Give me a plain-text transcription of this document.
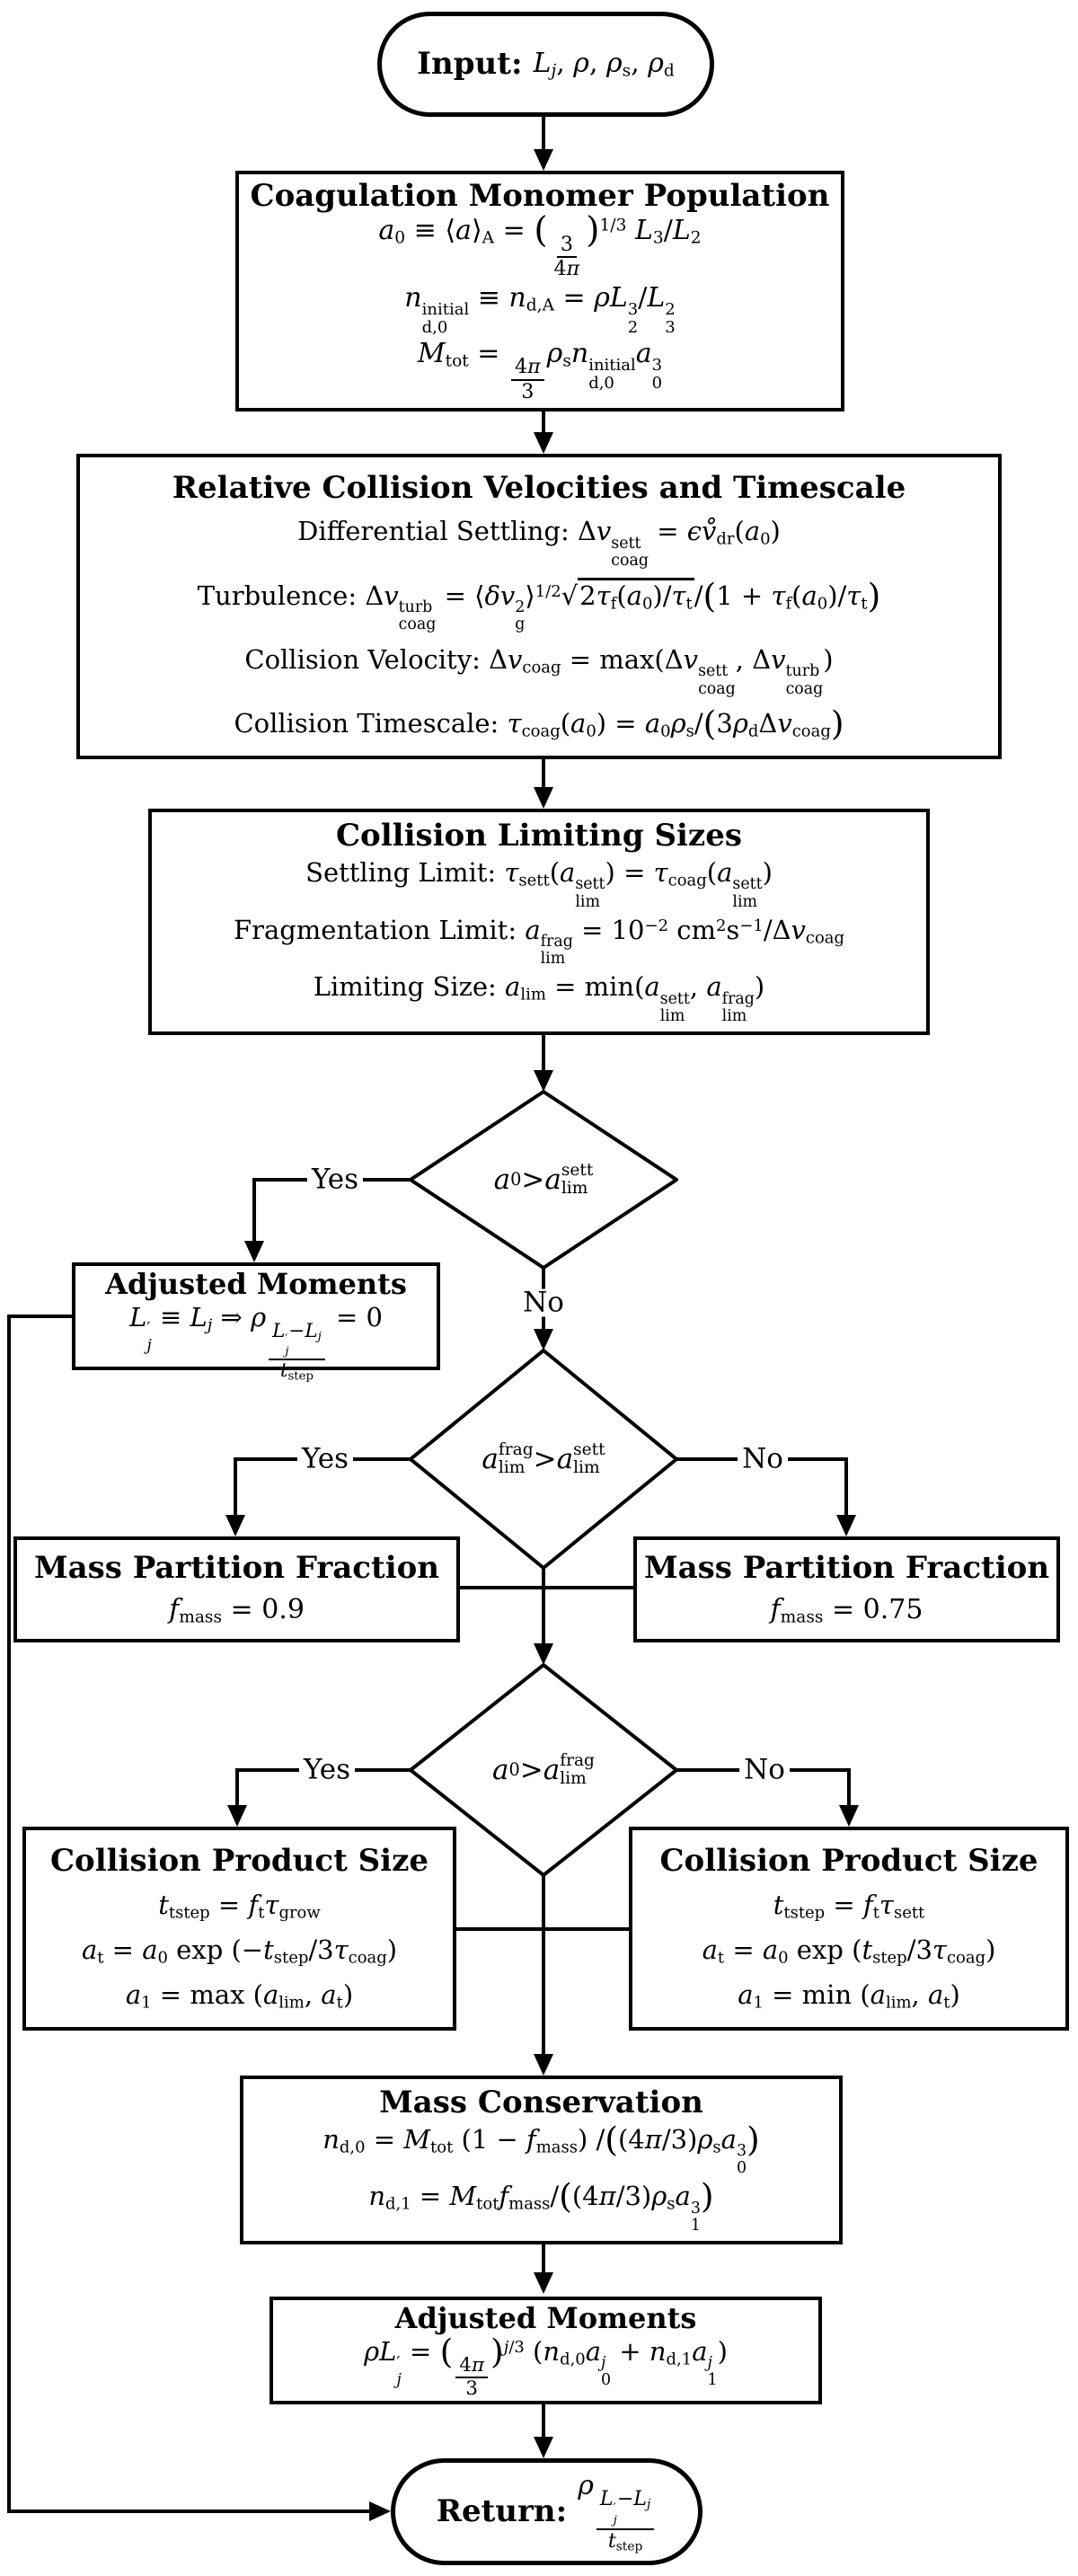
Yes
No
Yes	No
Yes	No
Input: $L_j$, ρ, $\rho_s$, $\rho_d$
Coagulation Monomer Population
$a_0$ ≡ $⟨a⟩_A$ = (
$\frac{3}{4\pi}$
)$^{1/3}$ $L_3/L_2$
n initial
d,0
≡ $n_{d,A} = \rho L$ 3
2
/L 2
3
$M_{tot}$ =
$\frac{4\pi}{3}$
$\rho_sn$ initial
d,0
a 3
0
Relative Collision Velocities and Timescale
Differential Settling: Δv sett
coag
= $\epsilon v̊_{dr}(a_0)$
Turbulence: Δv turb
coag
= ⟨δv 2
g
$⟩^{1/2}√2\tau_f(a_0)/\tau_t/(1 + \tau_f(a_0)/\tau_t)$
Collision Velocity: $\Delta v_{coag} = \max(\Delta v$ sett
coag
, Δv turb
coag
)
Collision Timescale: $\tau_{coag}(a_0) = a_0\rho_s/(3\rho_d\Delta v_{coag})$
Collision Limiting Sizes
Settling Limit: $\tau_{sett}(a$ sett
lim
) = $\tau_{coag}(a$ sett
lim
)
Fragmentation Limit: a frag
lim
= $10^{-2}$ $cm^2s^{-1}/\Delta v_{coag}$
Limiting Size: $a_{lim} = \min(a$ sett
lim
, a frag
lim
)
a 0 > a sett
lim
Adjusted Moments
L ′
j
≡ $L_j$ ⇒ ρ
L ′
j
$-L_j$
$t_{step}$
= 0
a frag
lim > a sett
lim
Mass Partition Fraction
$f_{mass} = 0.9$
Mass Partition Fraction
$f_{mass} = 0.75$
a 0 > a frag
lim
Collision Product Size
$t_{tstep} = f_t\tau_{grow}$
$a_t = a_0$ $\exp (-t_{step}/3\tau_{coag})$
$a_1 = \max (a_{lim}$, $a_t$)
Collision Product Size
$t_{tstep} = f_t\tau_{sett}$
$a_t = a_0$ $\exp (t_{step}/3\tau_{coag})$
$a_1 = \min (a_{lim}$, $a_t$)
Mass Conservation
$n_{d,0} = M_{tot}$ $(1 - f_{mass})$ $/((4\pi/3)\rho_sa$ 3
0
)
$n_{d,1} = M_{tot}f_{mass}/((4\pi/3)\rho_sa$ 3
1
)
Adjusted Moments
ρL ′
j
= (
$\frac{4\pi}{3}$
)$^{j/3}$ ($n_{d,0}a$ j
0
+ $n_{d,1}a$ j
1
)
Return:
ρ
L ′
j
$-L_j$
$t_{step}$
